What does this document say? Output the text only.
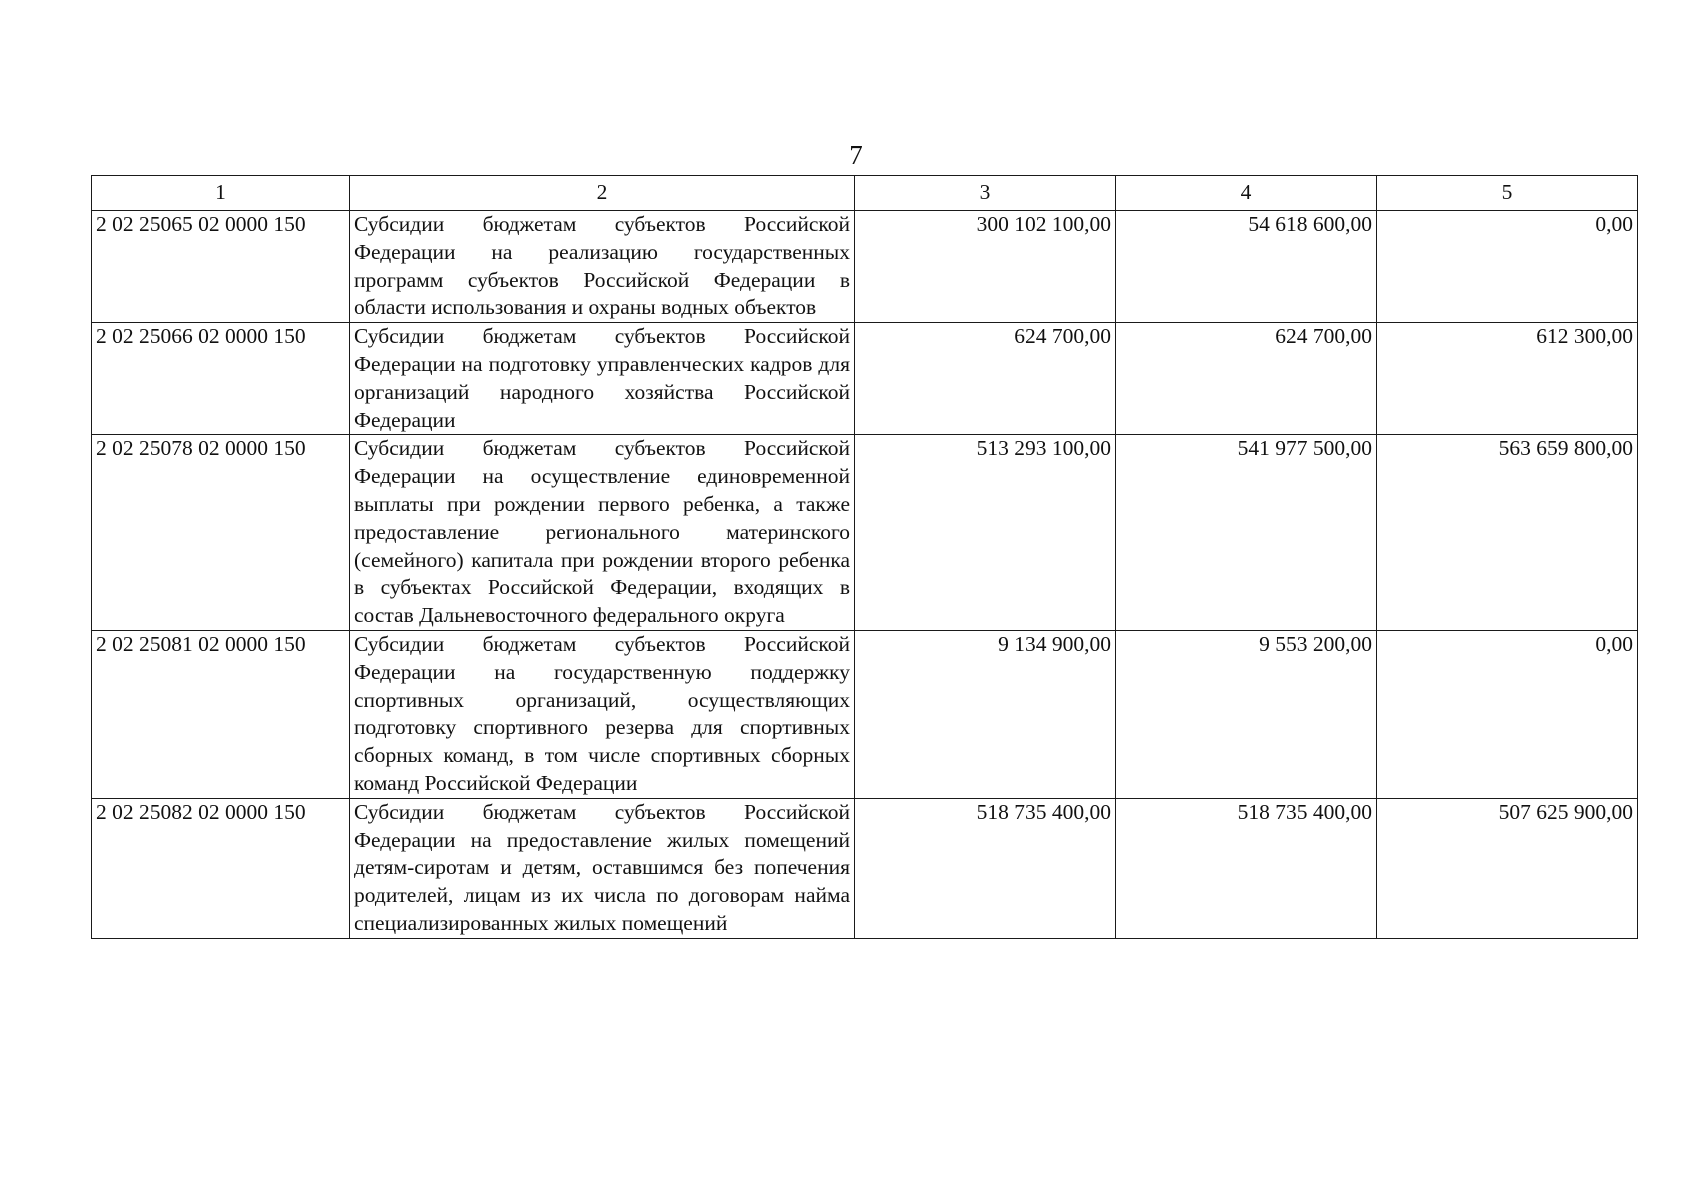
7
1	2	3	4	5
2 02 25065 02 0000 150	Субсидии бюджетам субъектов Российской Федерации на реализацию государственных программ субъектов Российской Федерации в области использования и охраны водных объектов	300 102 100,00	54 618 600,00	0,00
2 02 25066 02 0000 150	Субсидии бюджетам субъектов Российской Федерации на подготовку управленческих кадров для организаций народного хозяйства Российской Федерации	624 700,00	624 700,00	612 300,00
2 02 25078 02 0000 150	Субсидии бюджетам субъектов Российской Федерации на осуществление единовременной выплаты при рождении первого ребенка, а также предоставление регионального материнского (семейного) капитала при рождении второго ребенка в субъектах Российской Федерации, входящих в состав Дальневосточного федерального округа	513 293 100,00	541 977 500,00	563 659 800,00
2 02 25081 02 0000 150	Субсидии бюджетам субъектов Российской Федерации на государственную поддержку спортивных организаций, осуществляющих подготовку спортивного резерва для спортивных сборных команд, в том числе спортивных сборных команд Российской Федерации	9 134 900,00	9 553 200,00	0,00
2 02 25082 02 0000 150	Субсидии бюджетам субъектов Российской Федерации на предоставление жилых помещений детям-сиротам и детям, оставшимся без попечения родителей, лицам из их числа по договорам найма специализированных жилых помещений	518 735 400,00	518 735 400,00	507 625 900,00
